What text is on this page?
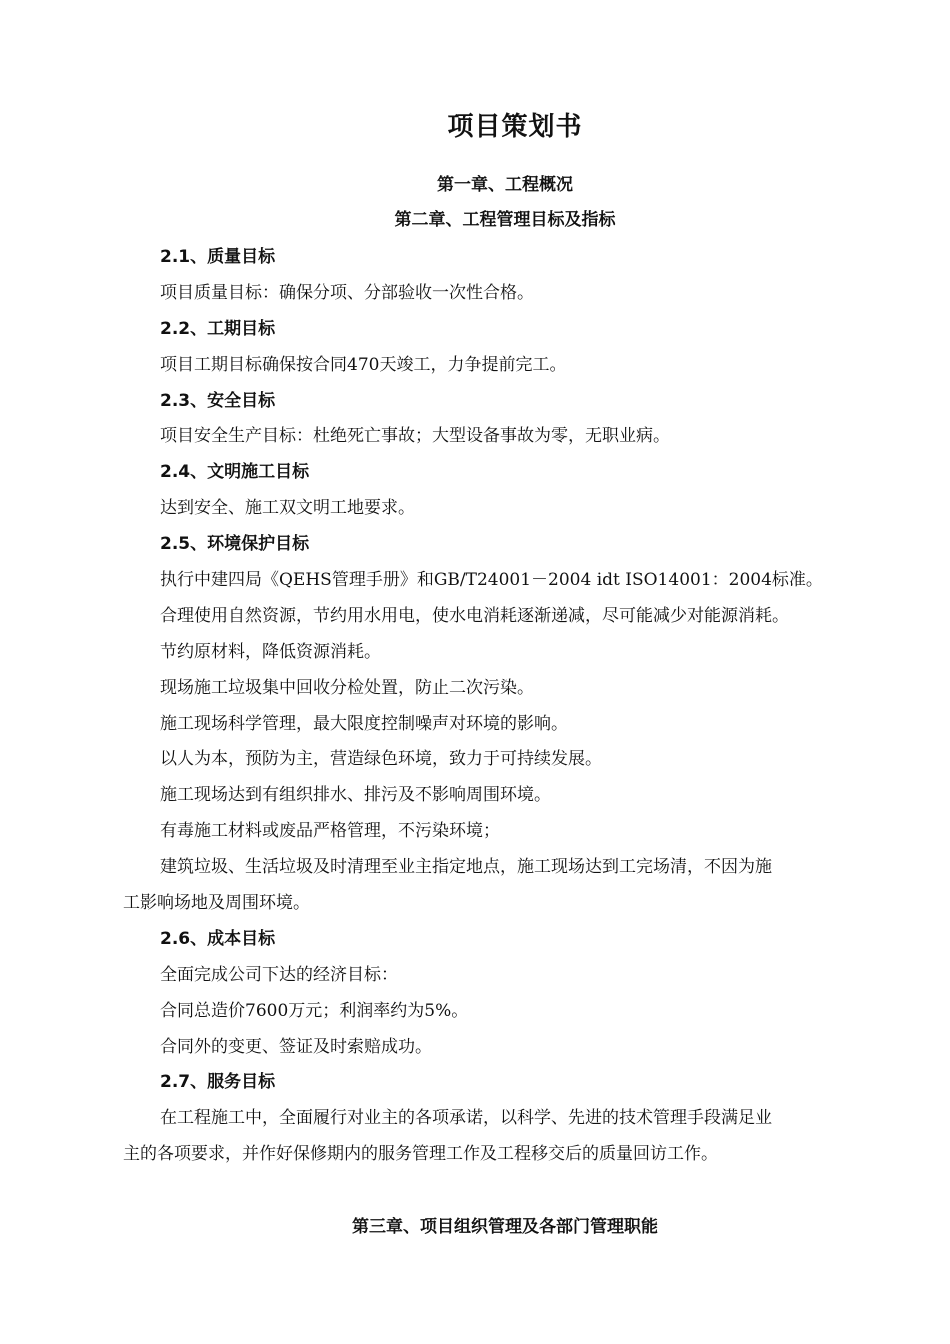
项目策划书
第一章、工程概况
第二章、工程管理目标及指标
2.1、质量目标
项目质量目标：确保分项、分部验收一次性合格。
2.2、工期目标
项目工期目标确保按合同470天竣工，力争提前完工。
2.3、安全目标
项目安全生产目标：杜绝死亡事故；大型设备事故为零，无职业病。
2.4、文明施工目标
达到安全、施工双文明工地要求。
2.5、环境保护目标
执行中建四局《QEHS管理手册》和GB/T24001－2004 idt ISO14001：2004标准。
合理使用自然资源，节约用水用电，使水电消耗逐渐递减，尽可能减少对能源消耗。
节约原材料，降低资源消耗。
现场施工垃圾集中回收分检处置，防止二次污染。
施工现场科学管理，最大限度控制噪声对环境的影响。
以人为本，预防为主，营造绿色环境，致力于可持续发展。
施工现场达到有组织排水、排污及不影响周围环境。
有毒施工材料或废品严格管理，不污染环境；
建筑垃圾、生活垃圾及时清理至业主指定地点，施工现场达到工完场清，不因为施
工影响场地及周围环境。
2.6、成本目标
全面完成公司下达的经济目标：
合同总造价7600万元；利润率约为5%。
合同外的变更、签证及时索赔成功。
2.7、服务目标
在工程施工中，全面履行对业主的各项承诺，以科学、先进的技术管理手段满足业
主的各项要求，并作好保修期内的服务管理工作及工程移交后的质量回访工作。
第三章、项目组织管理及各部门管理职能
